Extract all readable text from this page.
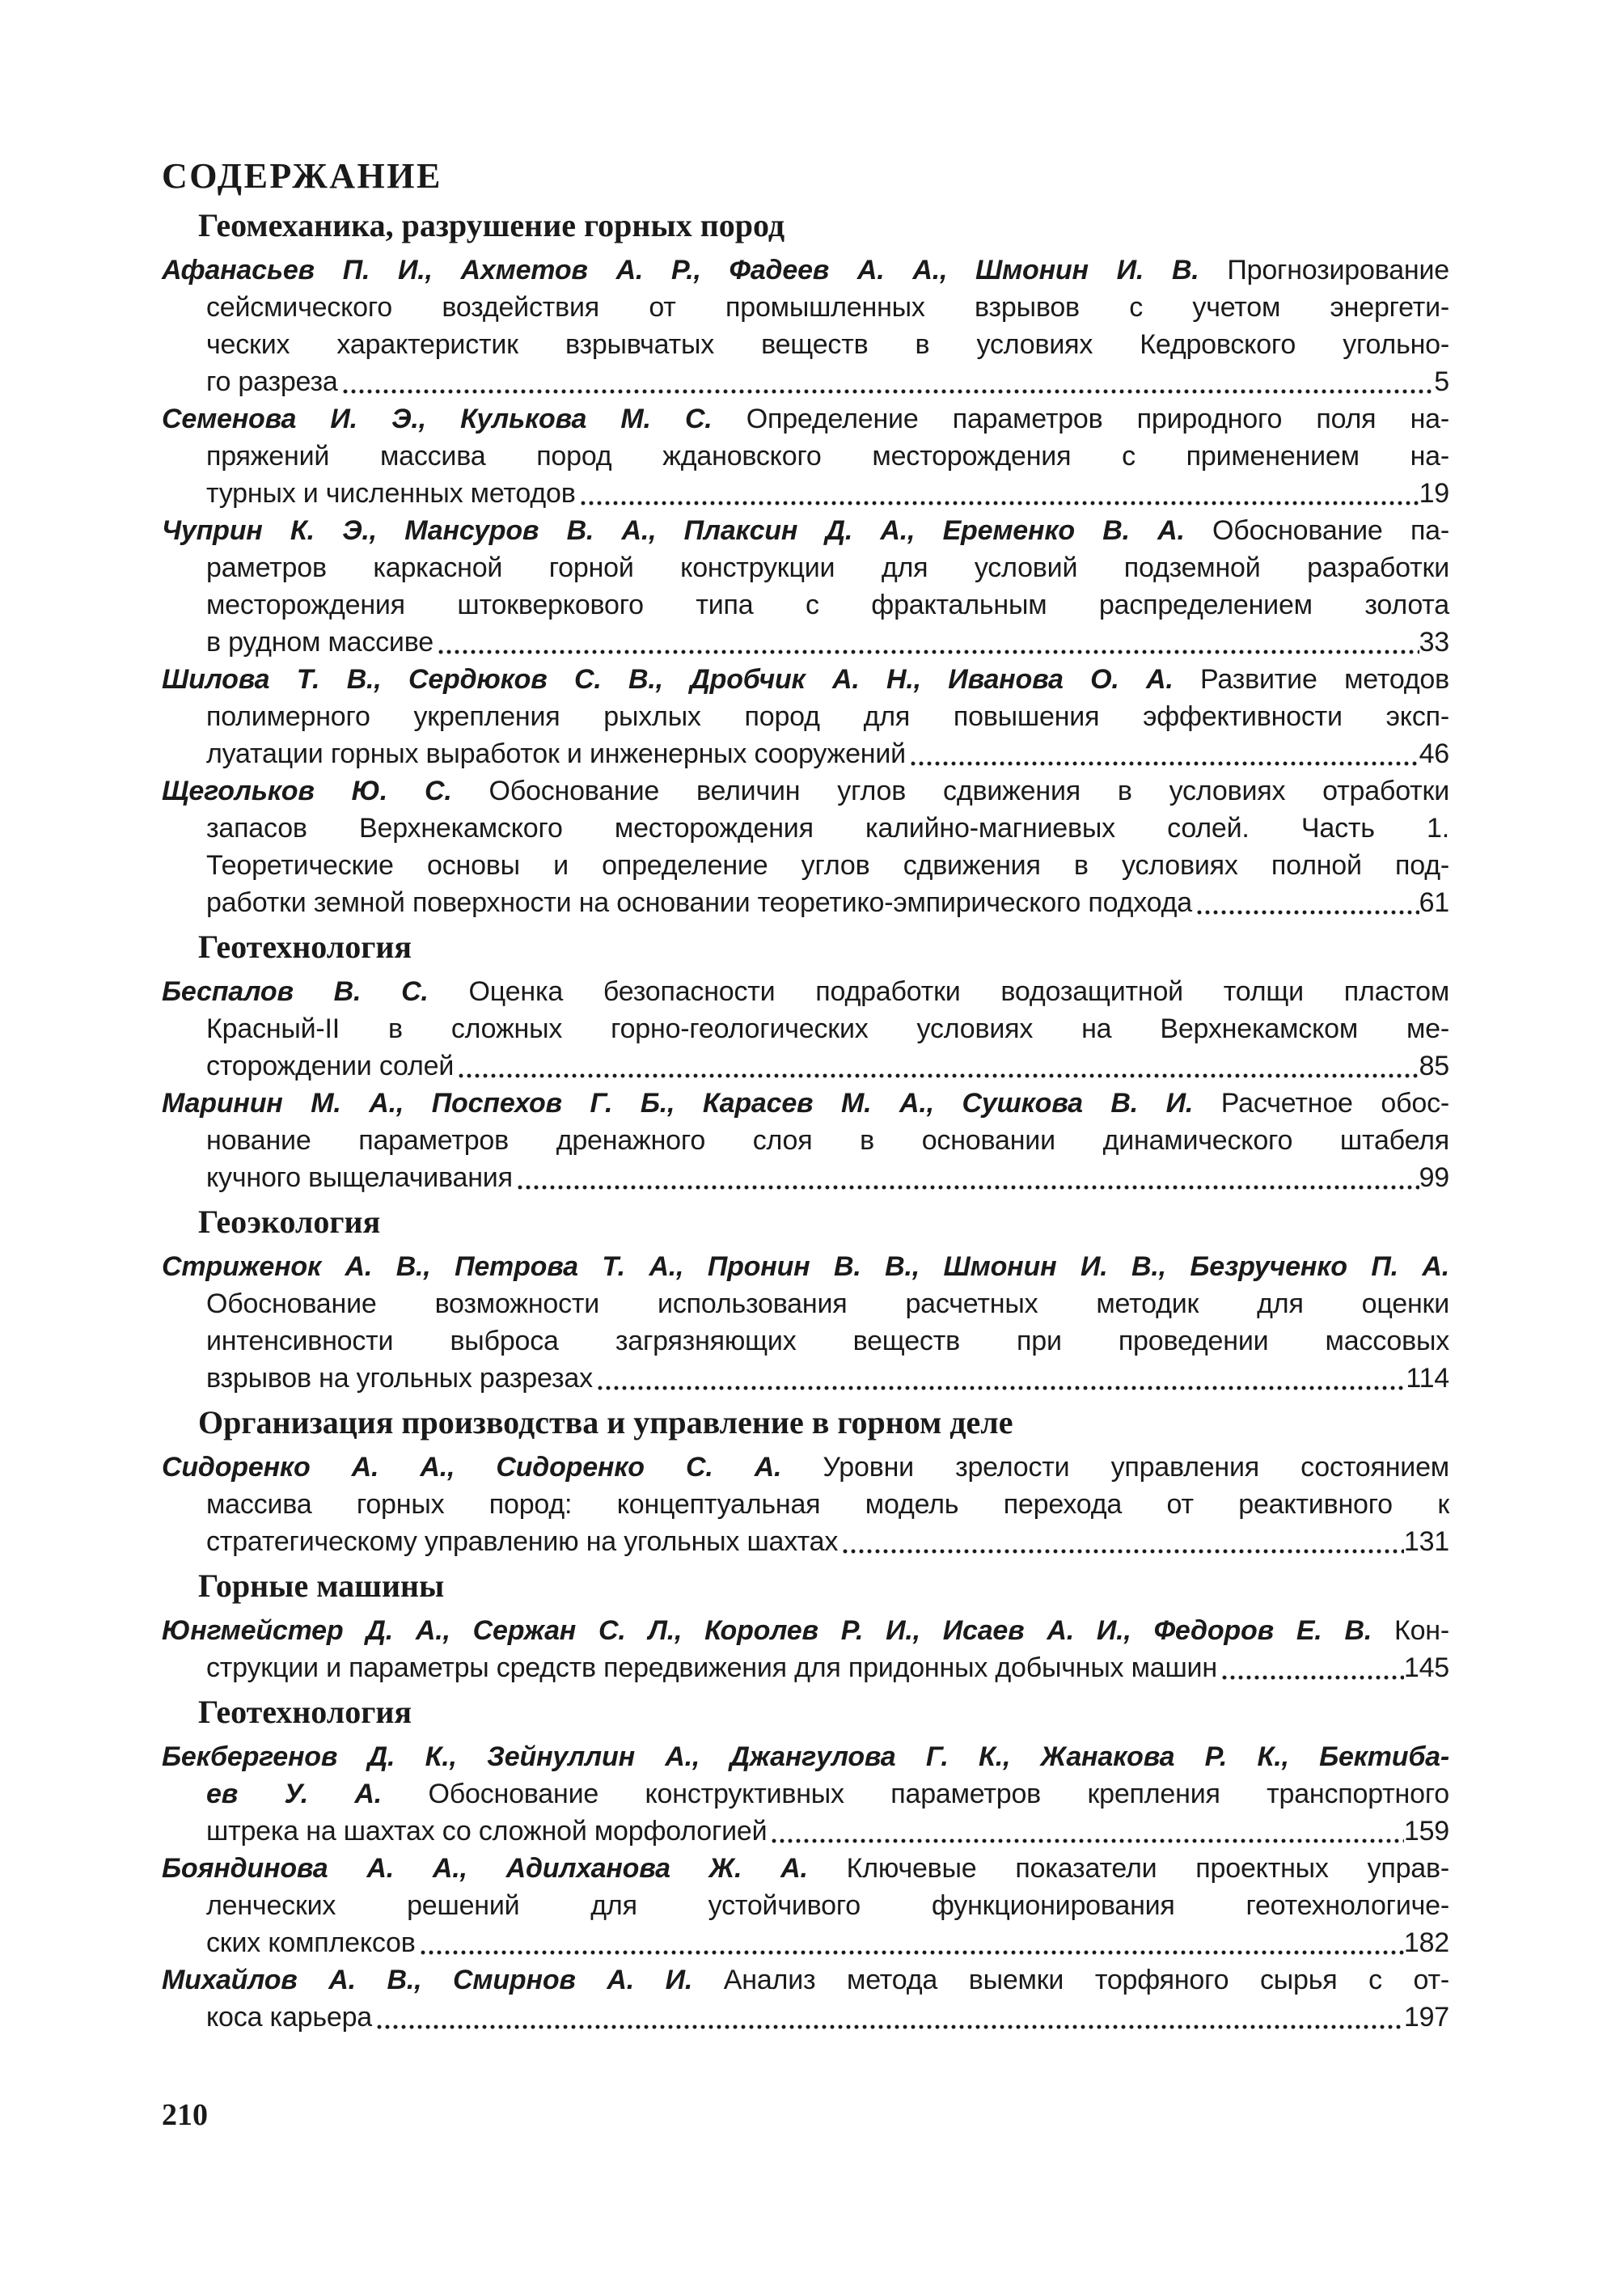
СОДЕРЖАНИЕ
Геомеханика, разрушение горных пород
Афанасьев П. И., Ахметов А. Р., Фадеев А. А., Шмонин И. В. Прогнозирование
сейсмического воздействия от промышленных взрывов с учетом энергети-
ческих характеристик взрывчатых веществ в условиях Кедровского угольно-
го разреза	5
Семенова И. Э., Кулькова М. С. Определение параметров природного поля на-
пряжений массива пород ждановского месторождения с применением на-
турных и численных методов	19
Чуприн К. Э., Мансуров В. А., Плаксин Д. А., Еременко В. А. Обоснование па-
раметров каркасной горной конструкции для условий подземной разработки
месторождения штокверкового типа с фрактальным распределением золота
в рудном массиве	33
Шилова Т. В., Сердюков С. В., Дробчик А. Н., Иванова О. А. Развитие методов
полимерного укрепления рыхлых пород для повышения эффективности эксп-
луатации горных выработок и инженерных сооружений	46
Щегольков Ю. С. Обоснование величин углов сдвижения в условиях отработки
запасов Верхнекамского месторождения калийно-магниевых солей. Часть 1.
Теоретические основы и определение углов сдвижения в условиях полной под-
работки земной поверхности на основании теоретико-эмпирического подхода	61
Геотехнология
Беспалов В. С. Оценка безопасности подработки водозащитной толщи пластом
Красный-II в сложных горно-геологических условиях на Верхнекамском ме-
сторождении солей	85
Маринин М. А., Поспехов Г. Б., Карасев М. А., Сушкова В. И. Расчетное обос-
нование параметров дренажного слоя в основании динамического штабеля
кучного выщелачивания	99
Геоэкология
Стриженок А. В., Петрова Т. А., Пронин В. В., Шмонин И. В., Безрученко П. А.
Обоснование возможности использования расчетных методик для оценки
интенсивности выброса загрязняющих веществ при проведении массовых
взрывов на угольных разрезах	114
Организация производства и управление в горном деле
Сидоренко А. А., Сидоренко С. А. Уровни зрелости управления состоянием
массива горных пород: концептуальная модель перехода от реактивного к
стратегическому управлению на угольных шахтах	131
Горные машины
Юнгмейстер Д. А., Сержан С. Л., Королев Р. И., Исаев А. И., Федоров Е. В. Кон-
струкции и параметры средств передвижения для придонных добычных машин	145
Геотехнология
Бекбергенов Д. К., Зейнуллин А., Джангулова Г. К., Жанакова Р. К., Бектиба-
ев У. А. Обоснование конструктивных параметров крепления транспортного
штрека на шахтах со сложной морфологией	159
Бояндинова А. А., Адилханова Ж. А. Ключевые показатели проектных управ-
ленческих решений для устойчивого функционирования геотехнологиче-
ских комплексов	182
Михайлов А. В., Смирнов А. И. Анализ метода выемки торфяного сырья с от-
коса карьера	197
210
